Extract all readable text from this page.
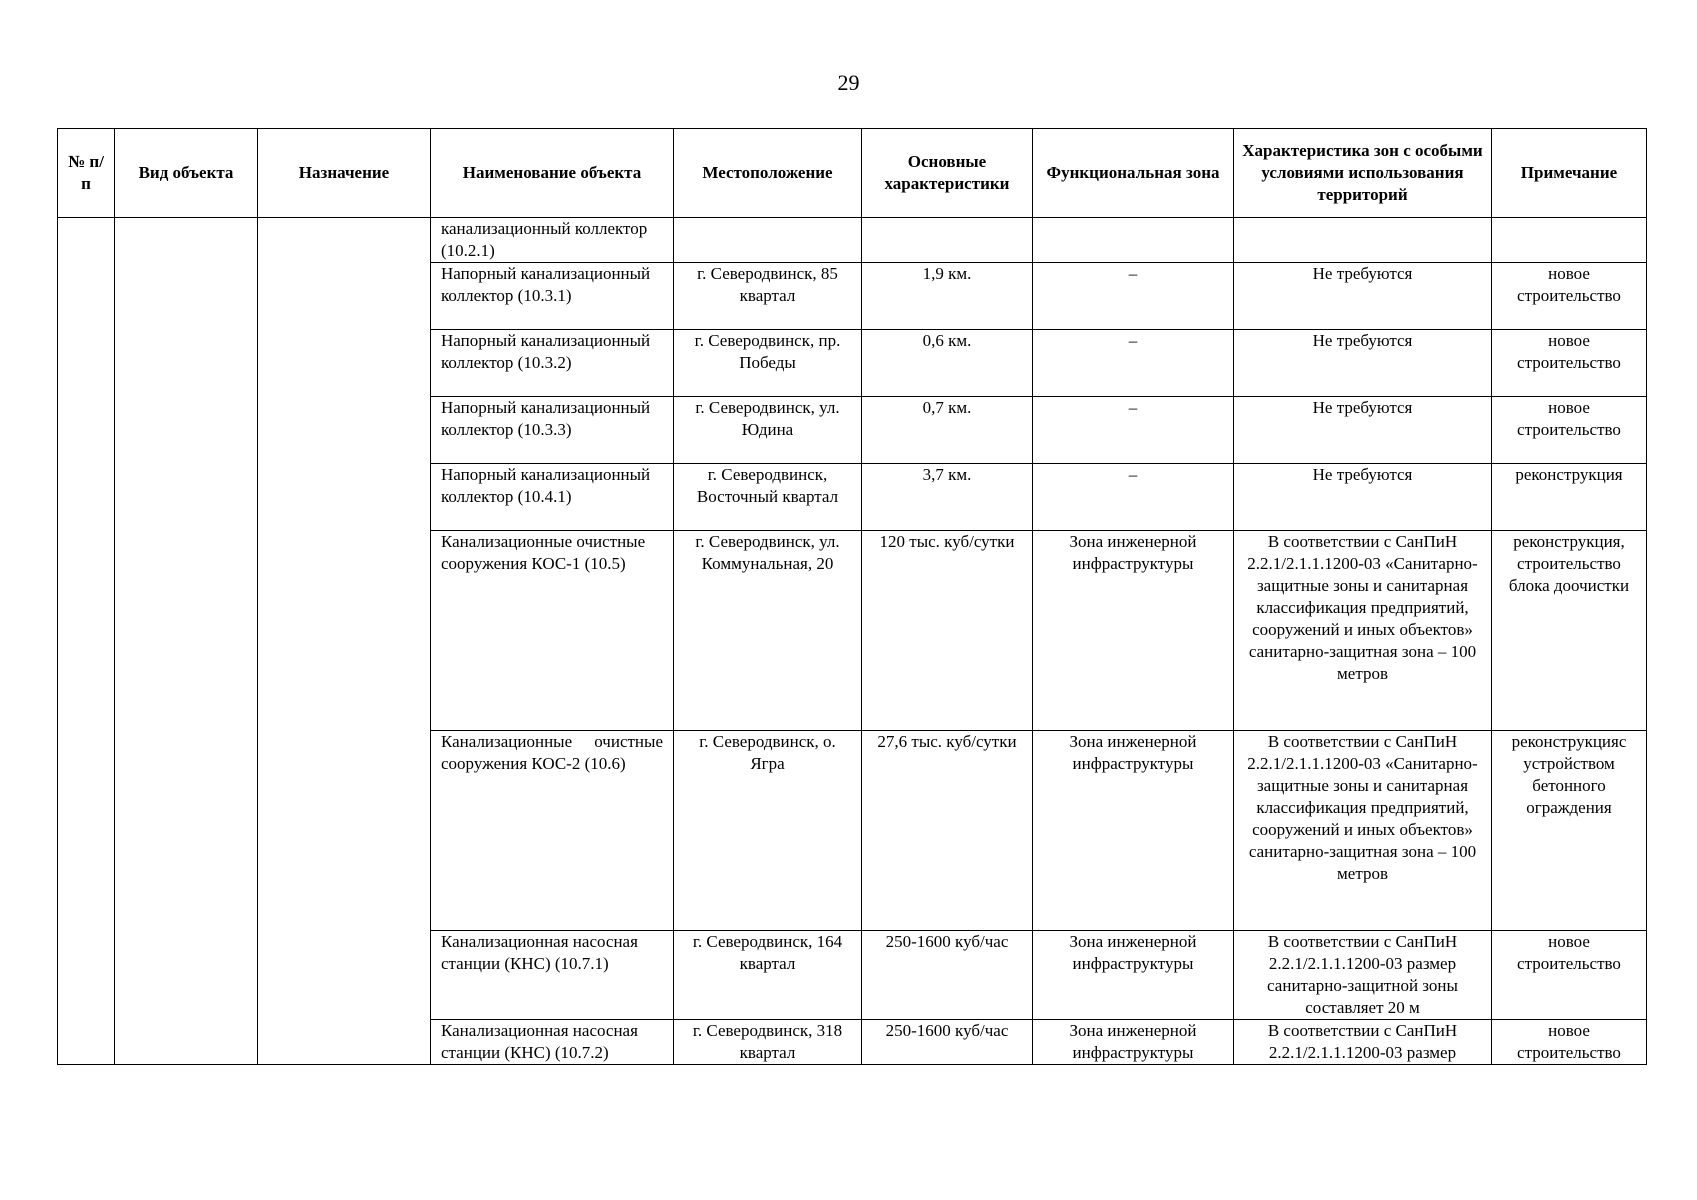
29
№ п/п	Вид объекта	Назначение	Наименование объекта	Местоположение	Основные характеристики	Функциональная зона	Характеристика зон с особыми условиями использования территорий	Примечание
			канализационный коллектор (10.2.1)					
			Напорный канализационный коллектор (10.3.1)	г. Северодвинск, 85 квартал	1,9 км.	–	Не требуются	новое строительство
			Напорный канализационный коллектор (10.3.2)	г. Северодвинск, пр. Победы	0,6 км.	–	Не требуются	новое строительство
			Напорный канализационный коллектор (10.3.3)	г. Северодвинск, ул. Юдина	0,7 км.	–	Не требуются	новое строительство
			Напорный канализационный коллектор (10.4.1)	г. Северодвинск, Восточный квартал	3,7 км.	–	Не требуются	реконструкция
			Канализационные очистные сооружения КОС-1 (10.5)	г. Северодвинск, ул. Коммунальная, 20	120 тыс. куб/сутки	Зона инженерной инфраструктуры	В соответствии с СанПиН 2.2.1/2.1.1.1200-03 «Санитарно-защитные зоны и санитарная классификация предприятий, сооружений и иных объектов» санитарно-защитная зона – 100 метров	реконструкция, строительство блока доочистки
			Канализационные очистные сооружения КОС-2 (10.6)	г. Северодвинск, о. Ягра	27,6 тыс. куб/сутки	Зона инженерной инфраструктуры	В соответствии с СанПиН 2.2.1/2.1.1.1200-03 «Санитарно-защитные зоны и санитарная классификация предприятий, сооружений и иных объектов» санитарно-защитная зона – 100 метров	реконструкцияс устройством бетонного ограждения
			Канализационная насосная станции (КНС) (10.7.1)	г. Северодвинск, 164 квартал	250-1600 куб/час	Зона инженерной инфраструктуры	В соответствии с СанПиН 2.2.1/2.1.1.1200-03 размер санитарно-защитной зоны составляет 20 м	новое строительство
			Канализационная насосная станции (КНС) (10.7.2)	г. Северодвинск, 318 квартал	250-1600 куб/час	Зона инженерной инфраструктуры	В соответствии с СанПиН 2.2.1/2.1.1.1200-03 размер	новое строительство
